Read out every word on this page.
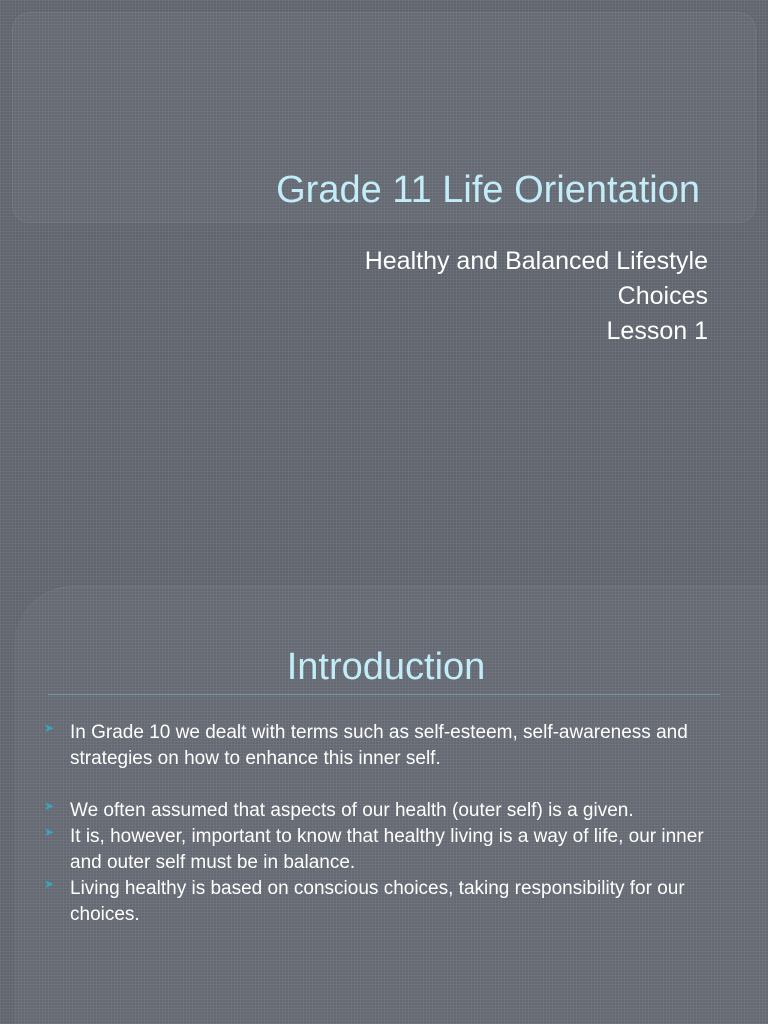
Grade 11 Life Orientation
Healthy and Balanced Lifestyle
Choices
Lesson 1
Introduction
➤ In Grade 10 we dealt with terms such as self-esteem, self-awareness and strategies on how to enhance this inner self.
➤ We often assumed that aspects of our health (outer self) is a given.
➤ It is, however, important to know that healthy living is a way of life, our inner and outer self must be in balance.
➤ Living healthy is based on conscious choices, taking responsibility for our choices.
